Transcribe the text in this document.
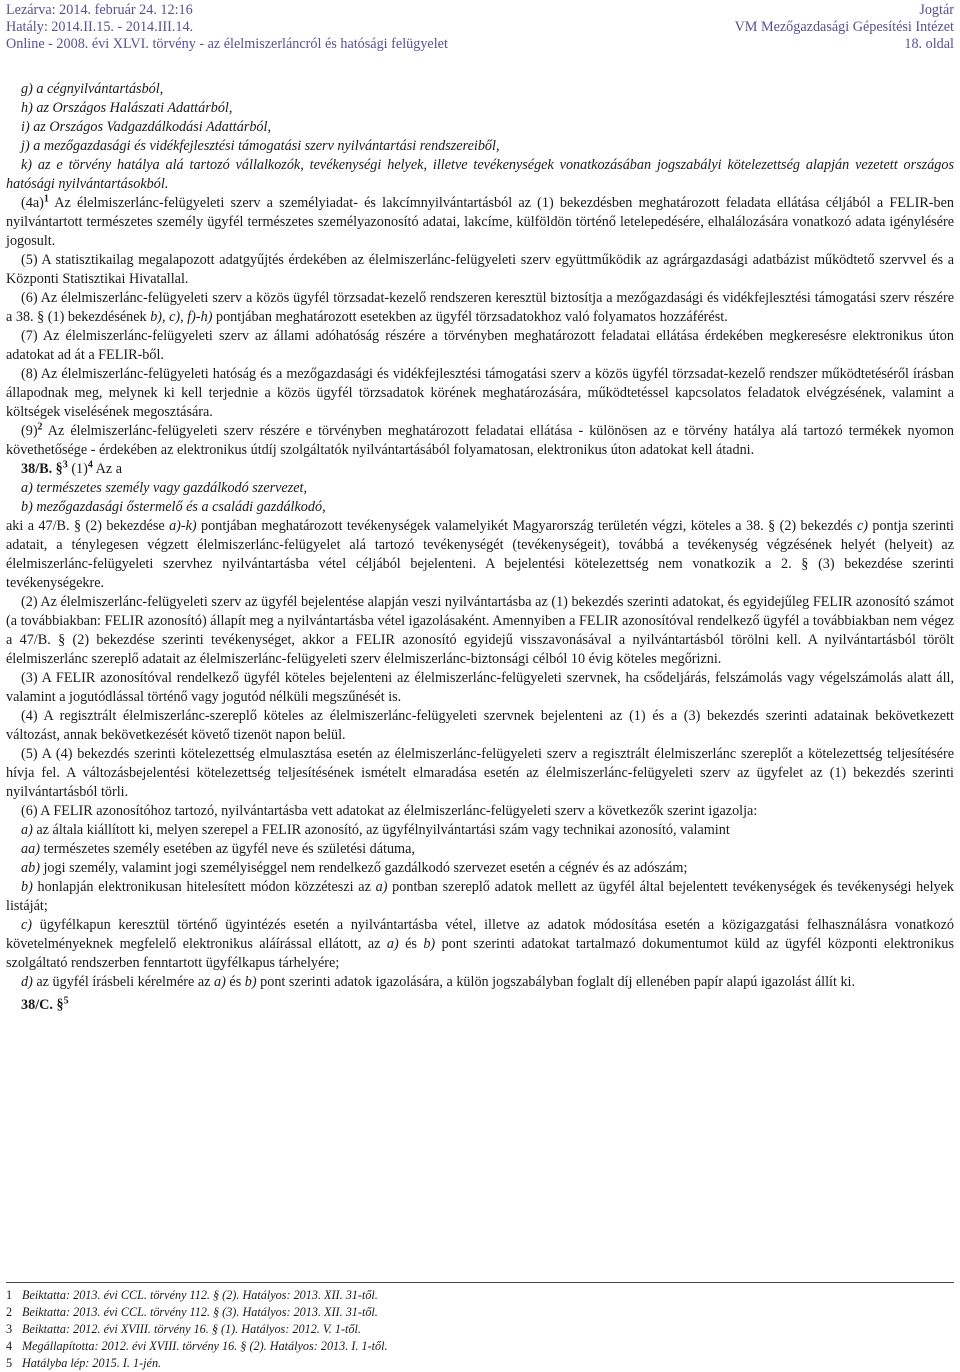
Lezárva: 2014. február 24. 12:16	Jogtár
Hatály: 2014.II.15. - 2014.III.14.	VM Mezőgazdasági Gépesítési Intézet
Online - 2008. évi XLVI. törvény - az élelmiszerláncról és hatósági felügyelet	18. oldal

g) a cégnyilvántartásból,

h) az Országos Halászati Adattárból,

i) az Országos Vadgazdálkodási Adattárból,

j) a mezőgazdasági és vidékfejlesztési támogatási szerv nyilvántartási rendszereiből,

k) az e törvény hatálya alá tartozó vállalkozók, tevékenységi helyek, illetve tevékenységek vonatkozásában jogszabályi kötelezettség alapján vezetett országos hatósági nyilvántartásokból.

$(4a)^1$ Az élelmiszerlánc-felügyeleti szerv a személyiadat- és lakcímnyilvántartásból az (1) bekezdésben meghatározott feladata ellátása céljából a FELIR-ben nyilvántartott természetes személy ügyfél természetes személyazonosító adatai, lakcíme, külföldön történő letelepedésére, elhalálozására vonatkozó adata igénylésére jogosult.

(5) A statisztikailag megalapozott adatgyűjtés érdekében az élelmiszerlánc-felügyeleti szerv együttműködik az agrárgazdasági adatbázist működtető szervvel és a Központi Statisztikai Hivatallal.

(6) Az élelmiszerlánc-felügyeleti szerv a közös ügyfél törzsadat-kezelő rendszeren keresztül biztosítja a mezőgazdasági és vidékfejlesztési támogatási szerv részére a 38. § (1) bekezdésének b), c), f)-h) pontjában meghatározott esetekben az ügyfél törzsadatokhoz való folyamatos hozzáférést.

(7) Az élelmiszerlánc-felügyeleti szerv az állami adóhatóság részére a törvényben meghatározott feladatai ellátása érdekében megkeresésre elektronikus úton adatokat ad át a FELIR-ből.

(8) Az élelmiszerlánc-felügyeleti hatóság és a mezőgazdasági és vidékfejlesztési támogatási szerv a közös ügyfél törzsadat-kezelő rendszer működtetéséről írásban állapodnak meg, melynek ki kell terjednie a közös ügyfél törzsadatok körének meghatározására, működtetéssel kapcsolatos feladatok elvégzésének, valamint a költségek viselésének megosztására.

$(9)^2$ Az élelmiszerlánc-felügyeleti szerv részére e törvényben meghatározott feladatai ellátása - különösen az e törvény hatálya alá tartozó termékek nyomon követhetősége - érdekében az elektronikus útdíj szolgáltatók nyilvántartásából folyamatosan, elektronikus úton adatokat kell átadni.

38/B. §$^3$ $(1)^4$ Az a

a) természetes személy vagy gazdálkodó szervezet,

b) mezőgazdasági őstermelő és a családi gazdálkodó,

aki a 47/B. § (2) bekezdése a)-k) pontjában meghatározott tevékenységek valamelyikét Magyarország területén végzi, köteles a 38. § (2) bekezdés c) pontja szerinti adatait, a ténylegesen végzett élelmiszerlánc-felügyelet alá tartozó tevékenységét (tevékenységeit), továbbá a tevékenység végzésének helyét (helyeit) az élelmiszerlánc-felügyeleti szervhez nyilvántartásba vétel céljából bejelenteni. A bejelentési kötelezettség nem vonatkozik a 2. § (3) bekezdése szerinti tevékenységekre.

(2) Az élelmiszerlánc-felügyeleti szerv az ügyfél bejelentése alapján veszi nyilvántartásba az (1) bekezdés szerinti adatokat, és egyidejűleg FELIR azonosító számot (a továbbiakban: FELIR azonosító) állapít meg a nyilvántartásba vétel igazolásaként. Amennyiben a FELIR azonosítóval rendelkező ügyfél a továbbiakban nem végez a 47/B. § (2) bekezdése szerinti tevékenységet, akkor a FELIR azonosító egyidejű visszavonásával a nyilvántartásból törölni kell. A nyilvántartásból törölt élelmiszerlánc szereplő adatait az élelmiszerlánc-felügyeleti szerv élelmiszerlánc-biztonsági célból 10 évig köteles megőrizni.

(3) A FELIR azonosítóval rendelkező ügyfél köteles bejelenteni az élelmiszerlánc-felügyeleti szervnek, ha csődeljárás, felszámolás vagy végelszámolás alatt áll, valamint a jogutódlással történő vagy jogutód nélküli megszűnését is.

(4) A regisztrált élelmiszerlánc-szereplő köteles az élelmiszerlánc-felügyeleti szervnek bejelenteni az (1) és a (3) bekezdés szerinti adatainak bekövetkezett változást, annak bekövetkezését követő tizenöt napon belül.

(5) A (4) bekezdés szerinti kötelezettség elmulasztása esetén az élelmiszerlánc-felügyeleti szerv a regisztrált élelmiszerlánc szereplőt a kötelezettség teljesítésére hívja fel. A változásbejelentési kötelezettség teljesítésének ismételt elmaradása esetén az élelmiszerlánc-felügyeleti szerv az ügyfelet az (1) bekezdés szerinti nyilvántartásból törli.

(6) A FELIR azonosítóhoz tartozó, nyilvántartásba vett adatokat az élelmiszerlánc-felügyeleti szerv a következők szerint igazolja:

a) az általa kiállított ki, melyen szerepel a FELIR azonosító, az ügyfélnyilvántartási szám vagy technikai azonosító, valamint

aa) természetes személy esetében az ügyfél neve és születési dátuma,

ab) jogi személy, valamint jogi személyiséggel nem rendelkező gazdálkodó szervezet esetén a cégnév és az adószám;

b) honlapján elektronikusan hitelesített módon közzéteszi az a) pontban szereplő adatok mellett az ügyfél által bejelentett tevékenységek és tevékenységi helyek listáját;

c) ügyfélkapun keresztül történő ügyintézés esetén a nyilvántartásba vétel, illetve az adatok módosítása esetén a közigazgatási felhasználásra vonatkozó követelményeknek megfelelő elektronikus aláírással ellátott, az a) és b) pont szerinti adatokat tartalmazó dokumentumot küld az ügyfél központi elektronikus szolgáltató rendszerben fenntartott ügyfélkapus tárhelyére;

d) az ügyfél írásbeli kérelmére az a) és b) pont szerinti adatok igazolására, a külön jogszabályban foglalt díj ellenében papír alapú igazolást állít ki.

38/C. §$^5$

1 Beiktatta: 2013. évi CCL. törvény 112. § (2). Hatályos: 2013. XII. 31-től.
2 Beiktatta: 2013. évi CCL. törvény 112. § (3). Hatályos: 2013. XII. 31-től.
3 Beiktatta: 2012. évi XVIII. törvény 16. § (1). Hatályos: 2012. V. 1-től.
4 Megállapította: 2012. évi XVIII. törvény 16. § (2). Hatályos: 2013. I. 1-től.
5 Hatályba lép: 2015. I. 1-jén.
